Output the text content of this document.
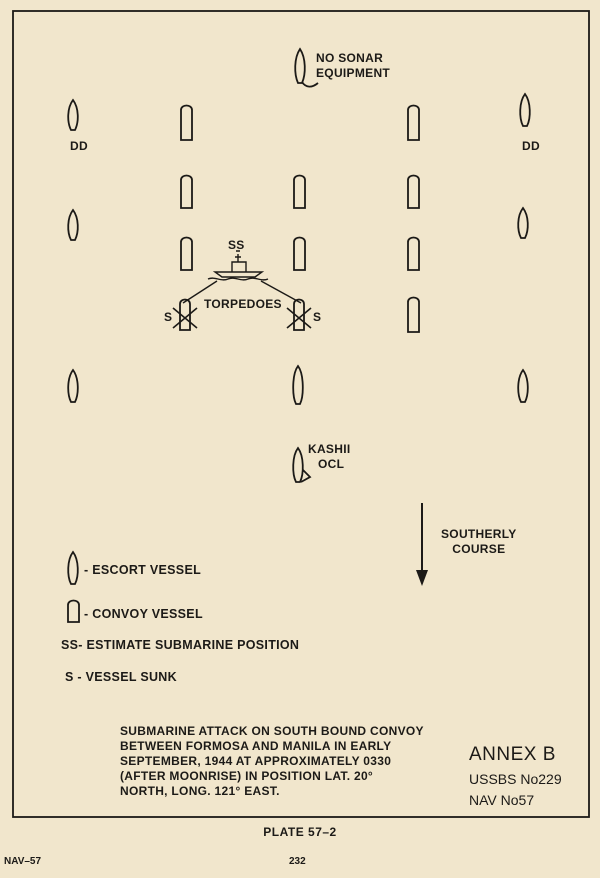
NO SONAR
EQUIPMENT
DD	DD
SS
TORPEDOES
S	S
KASHII
OCL
SOUTHERLY
COURSE
- ESCORT VESSEL
- CONVOY VESSEL
SS- ESTIMATE SUBMARINE POSITION
S - VESSEL SUNK
SUBMARINE ATTACK ON SOUTH BOUND CONVOY
BETWEEN FORMOSA AND MANILA IN EARLY
SEPTEMBER, 1944 AT APPROXIMATELY 0330
(AFTER MOONRISE) IN POSITION LAT. 20°
NORTH, LONG. 121° EAST.
ANNEX B
USSBS No229
NAV No57
PLATE 57–2
NAV–57	232
